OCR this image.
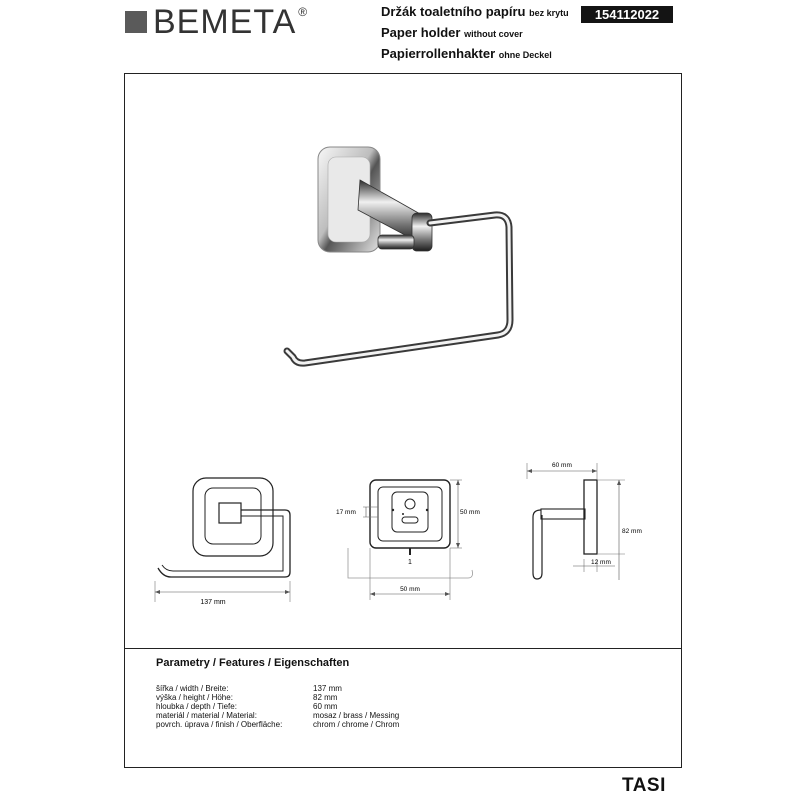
BEMETA ®	Držák toaletního papíru bez krytu
Paper holder without cover
Papierrollenhakter ohne Deckel
154112022
137 mm
50 mm
50 mm
17 mm
1
60 mm
82 mm
12 mm
Parametry / Features / Eigenschaften
šířka / width / Breite:	137 mm
výška / height / Höhe:	82 mm
hloubka / depth / Tiefe:	60 mm
materiál / material / Material:	mosaz / brass / Messing
povrch. úprava / finish / Oberfläche:	chrom / chrome / Chrom
TASI
